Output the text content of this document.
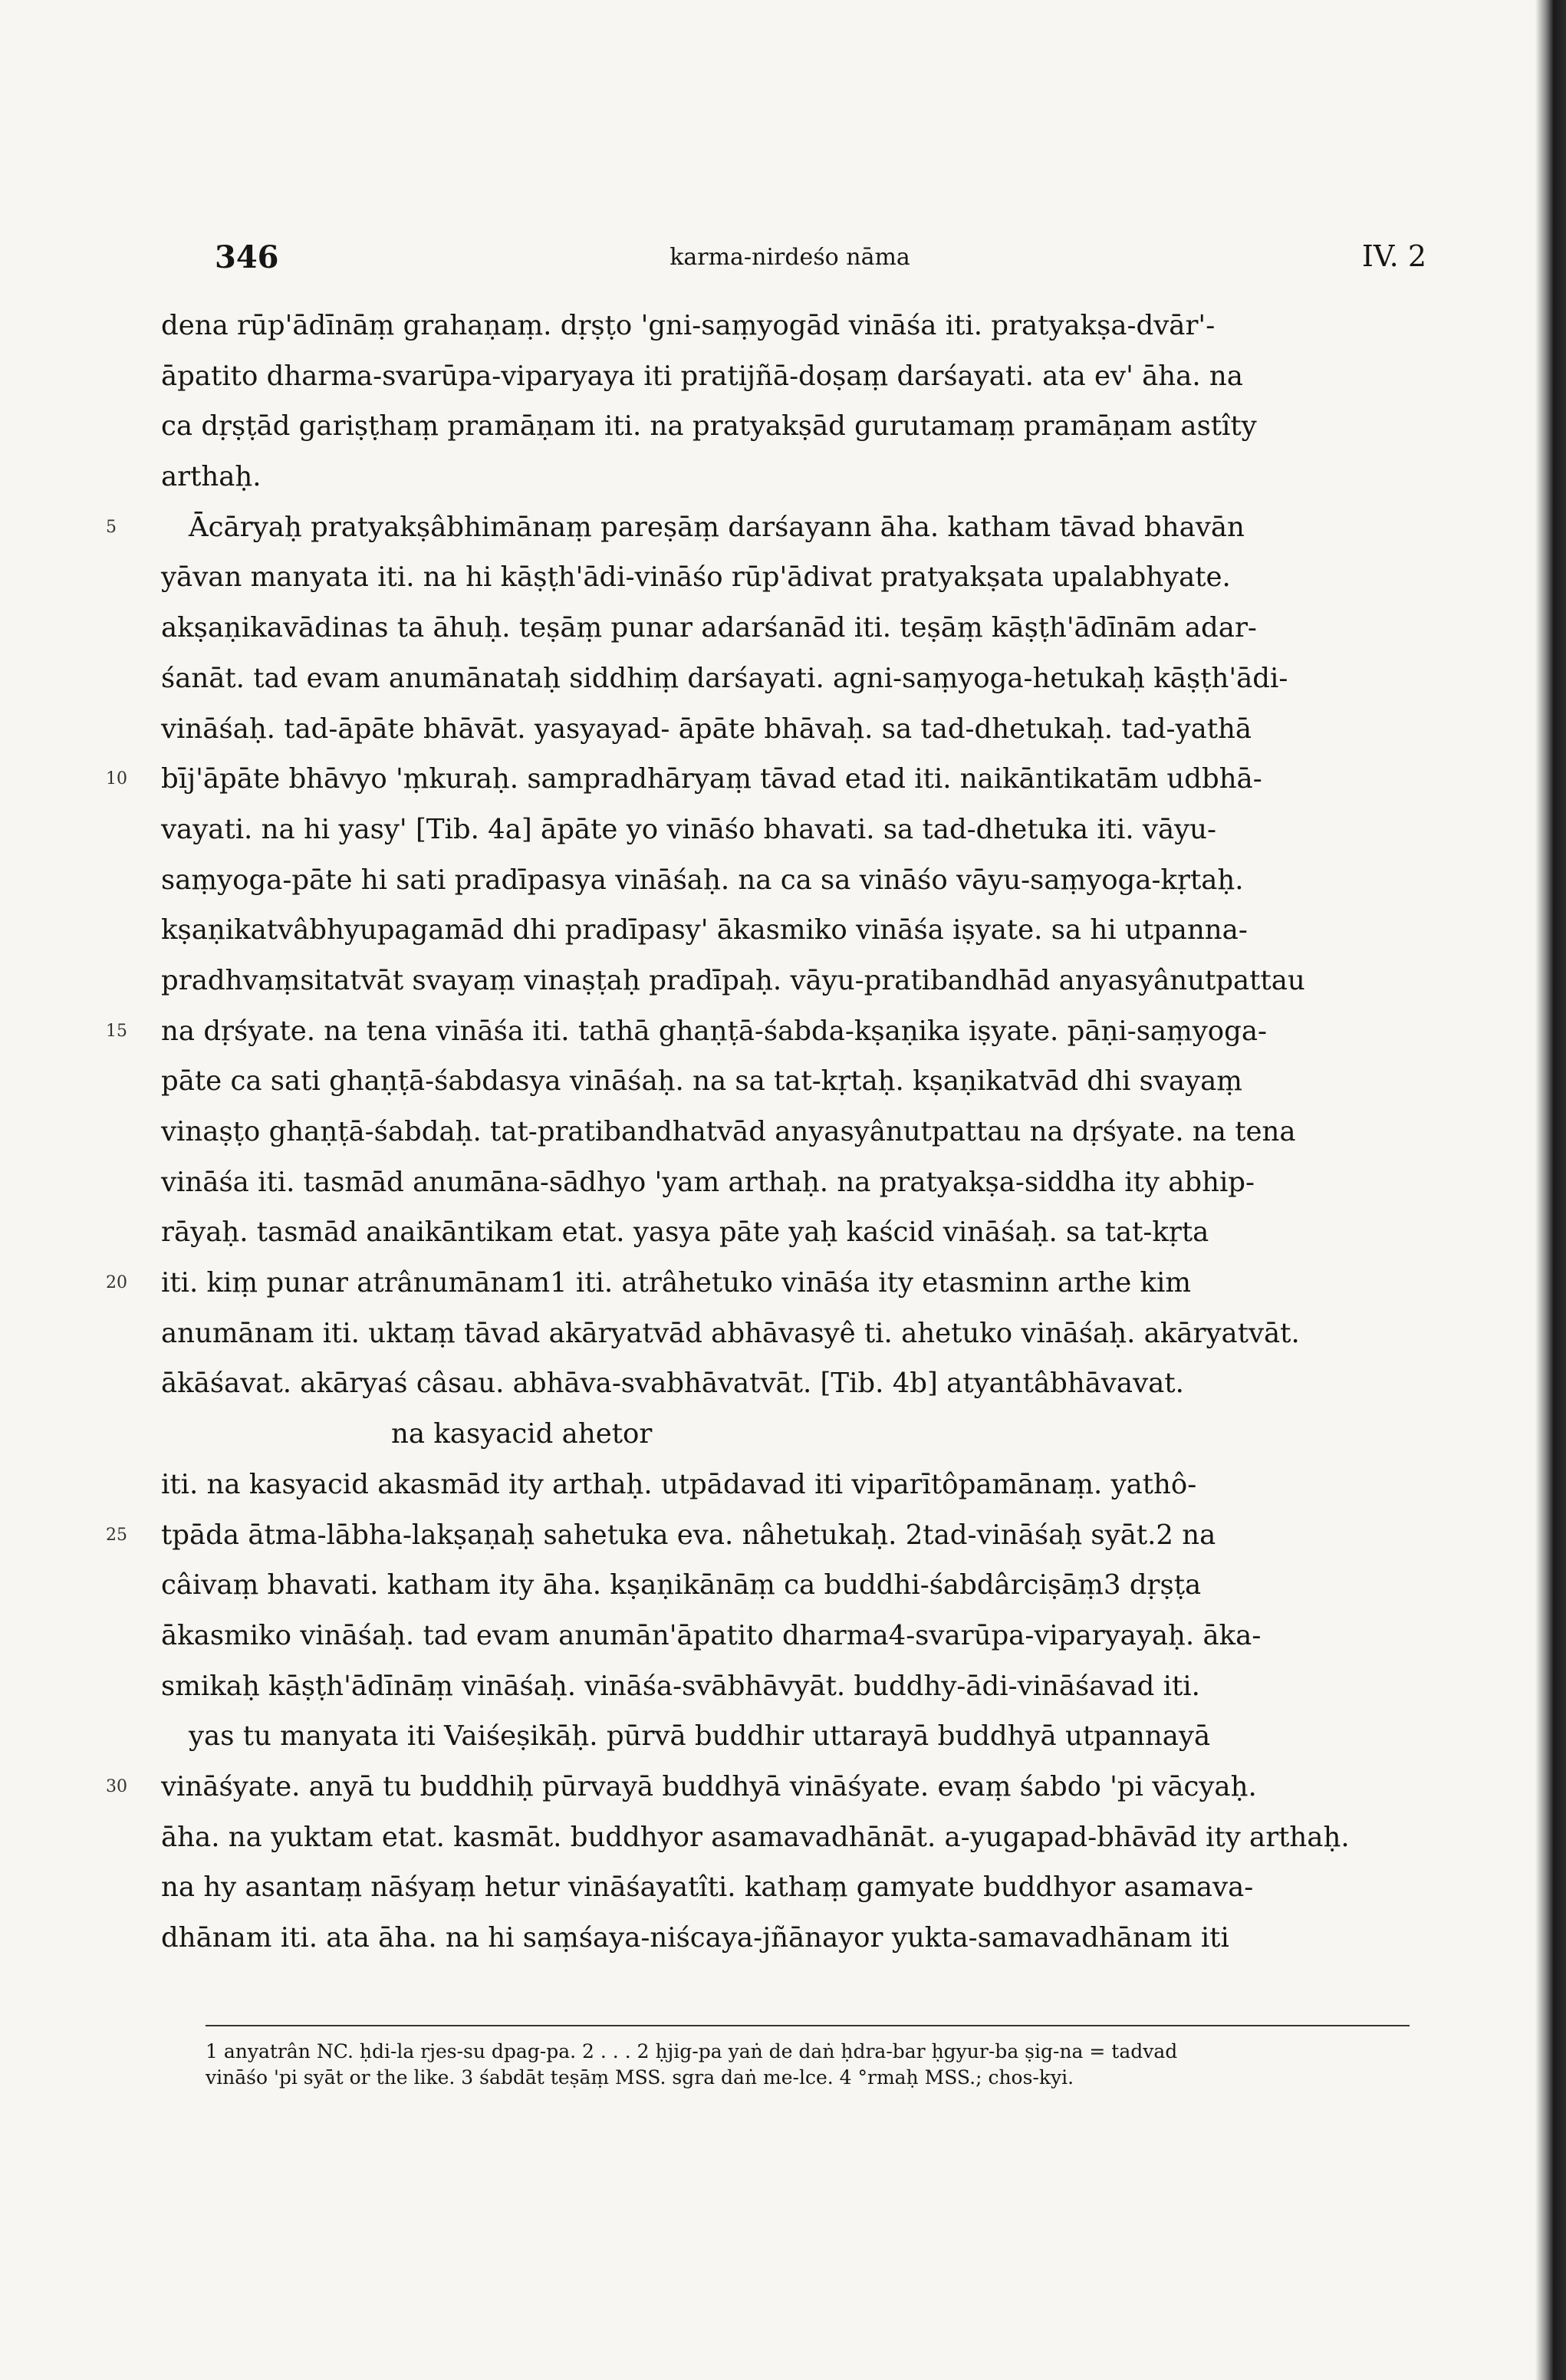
346	karma-nirdeśo nāma	IV. 2
dena rūp'ādīnāṃ grahaṇaṃ. dṛṣṭo 'gni-saṃyogād vināśa iti. pratyakṣa-dvār'-
āpatito dharma-svarūpa-viparyaya iti pratijñā-doṣaṃ darśayati. ata ev' āha. na
ca dṛṣṭād gariṣṭhaṃ pramāṇam iti. na pratyakṣād gurutamaṃ pramāṇam astîty
arthaḥ.
5	Ācāryaḥ pratyakṣâbhimānaṃ pareṣāṃ darśayann āha. katham tāvad bhavān
yāvan manyata iti. na hi kāṣṭh'ādi-vināśo rūp'ādivat pratyakṣata upalabhyate.
akṣaṇikavādinas ta āhuḥ. teṣāṃ punar adarśanād iti. teṣāṃ kāṣṭh'ādīnām adar-
śanāt. tad evam anumānataḥ siddhiṃ darśayati. agni-saṃyoga-hetukaḥ kāṣṭh'ādi-
vināśaḥ. tad-āpāte bhāvāt. yasyayad- āpāte bhāvaḥ. sa tad-dhetukaḥ. tad-yathā
10	bīj'āpāte bhāvyo 'ṃkuraḥ. sampradhāryaṃ tāvad etad iti. naikāntikatām udbhā-
vayati. na hi yasy' [Tib. 4a] āpāte yo vināśo bhavati. sa tad-dhetuka iti. vāyu-
saṃyoga-pāte hi sati pradīpasya vināśaḥ. na ca sa vināśo vāyu-saṃyoga-kṛtaḥ.
kṣaṇikatvâbhyupagamād dhi pradīpasy' ākasmiko vināśa iṣyate. sa hi utpanna-
pradhvaṃsitatvāt svayaṃ vinaṣṭaḥ pradīpaḥ. vāyu-pratibandhād anyasyânutpattau
15	na dṛśyate. na tena vināśa iti. tathā ghaṇṭā-śabda-kṣaṇika iṣyate. pāṇi-saṃyoga-
pāte ca sati ghaṇṭā-śabdasya vināśaḥ. na sa tat-kṛtaḥ. kṣaṇikatvād dhi svayaṃ
vinaṣṭo ghaṇṭā-śabdaḥ. tat-pratibandhatvād anyasyânutpattau na dṛśyate. na tena
vināśa iti. tasmād anumāna-sādhyo 'yam arthaḥ. na pratyakṣa-siddha ity abhip-
rāyaḥ. tasmād anaikāntikam etat. yasya pāte yaḥ kaścid vināśaḥ. sa tat-kṛta
20	iti. kiṃ punar atrânumānam1 iti. atrâhetuko vināśa ity etasminn arthe kim
anumānam iti. uktaṃ tāvad akāryatvād abhāvasyê ti. ahetuko vināśaḥ. akāryatvāt.
ākāśavat. akāryaś câsau. abhāva-svabhāvatvāt. [Tib. 4b] atyantâbhāvavat.
na kasyacid ahetor
iti. na kasyacid akasmād ity arthaḥ. utpādavad iti viparītôpamānaṃ. yathô-
25	tpāda ātma-lābha-lakṣaṇaḥ sahetuka eva. nâhetukaḥ. 2tad-vināśaḥ syāt.2 na
câivaṃ bhavati. katham ity āha. kṣaṇikānāṃ ca buddhi-śabdârciṣāṃ3 dṛṣṭa
ākasmiko vināśaḥ. tad evam anumān'āpatito dharma4-svarūpa-viparyayaḥ. āka-
smikaḥ kāṣṭh'ādīnāṃ vināśaḥ. vināśa-svābhāvyāt. buddhy-ādi-vināśavad iti.
yas tu manyata iti Vaiśeṣikāḥ. pūrvā buddhir uttarayā buddhyā utpannayā
30	vināśyate. anyā tu buddhiḥ pūrvayā buddhyā vināśyate. evaṃ śabdo 'pi vācyaḥ.
āha. na yuktam etat. kasmāt. buddhyor asamavadhānāt. a-yugapad-bhāvād ity arthaḥ.
na hy asantaṃ nāśyaṃ hetur vināśayatîti. kathaṃ gamyate buddhyor asamava-
dhānam iti. ata āha. na hi saṃśaya-niścaya-jñānayor yukta-samavadhānam iti
1 anyatrân NC. ḥdi-la rjes-su dpag-pa. 2 . . . 2 ḥjig-pa yaṅ de daṅ ḥdra-bar ḥgyur-ba ṣig-na = tadvad
vināśo 'pi syāt or the like. 3 śabdāt teṣāṃ MSS. sgra daṅ me-lce. 4 °rmaḥ MSS.; chos-kyi.
